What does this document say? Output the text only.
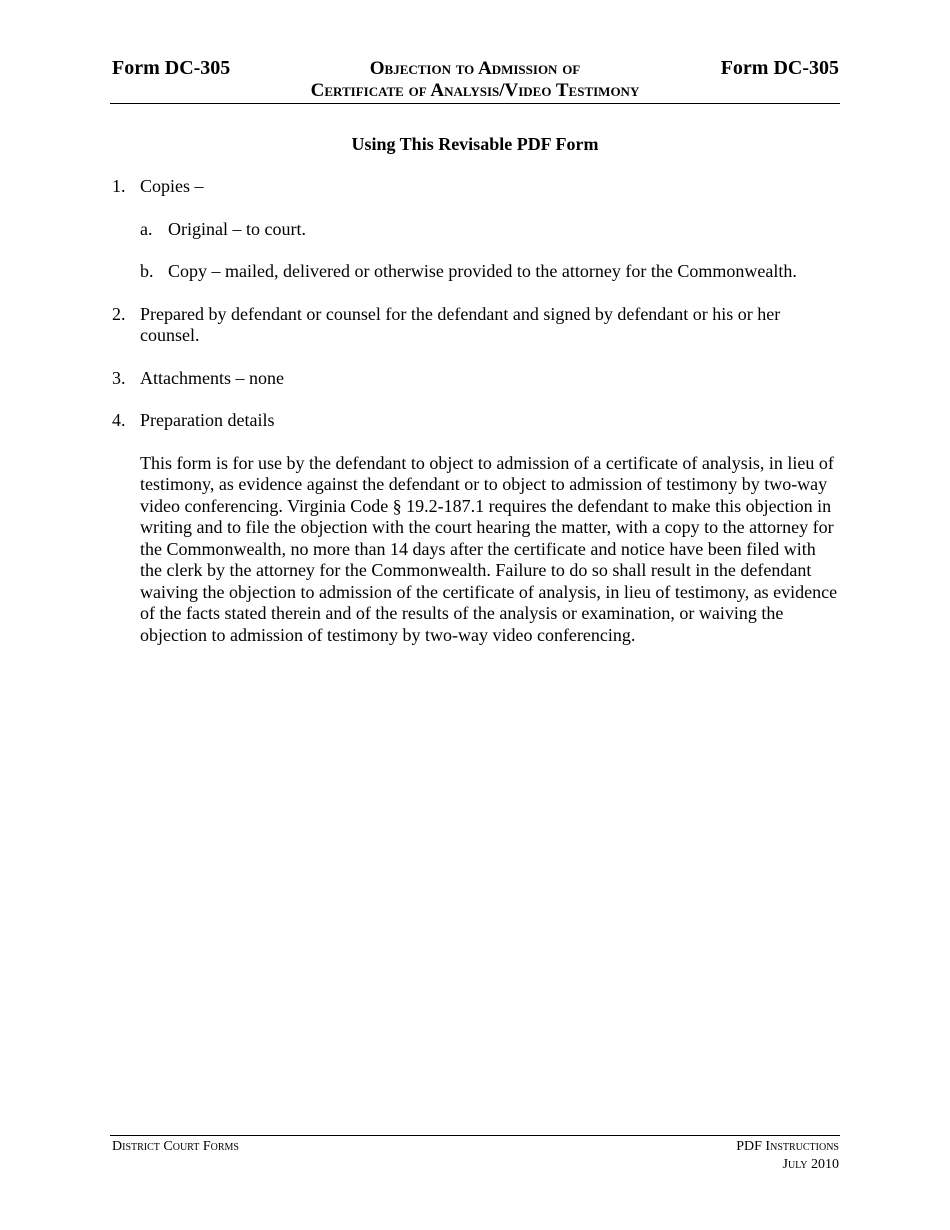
Form DC-305	Objection to Admission of
Certificate of Analysis/Video Testimony
Form DC-305
Using This Revisable PDF Form
1. Copies –
a. Original – to court.
b. Copy – mailed, delivered or otherwise provided to the attorney for the Commonwealth.
2. Prepared by defendant or counsel for the defendant and signed by defendant or his or her counsel.
3. Attachments – none
4. Preparation details
This form is for use by the defendant to object to admission of a certificate of analysis, in lieu of testimony, as evidence against the defendant or to object to admission of testimony by two-way video conferencing. Virginia Code § 19.2-187.1 requires the defendant to make this objection in writing and to file the objection with the court hearing the matter, with a copy to the attorney for the Commonwealth, no more than 14 days after the certificate and notice have been filed with the clerk by the attorney for the Commonwealth. Failure to do so shall result in the defendant waiving the objection to admission of the certificate of analysis, in lieu of testimony, as evidence of the facts stated therein and of the results of the analysis or examination, or waiving the objection to admission of testimony by two-way video conferencing.
District Court Forms	PDF Instructions
July 2010
